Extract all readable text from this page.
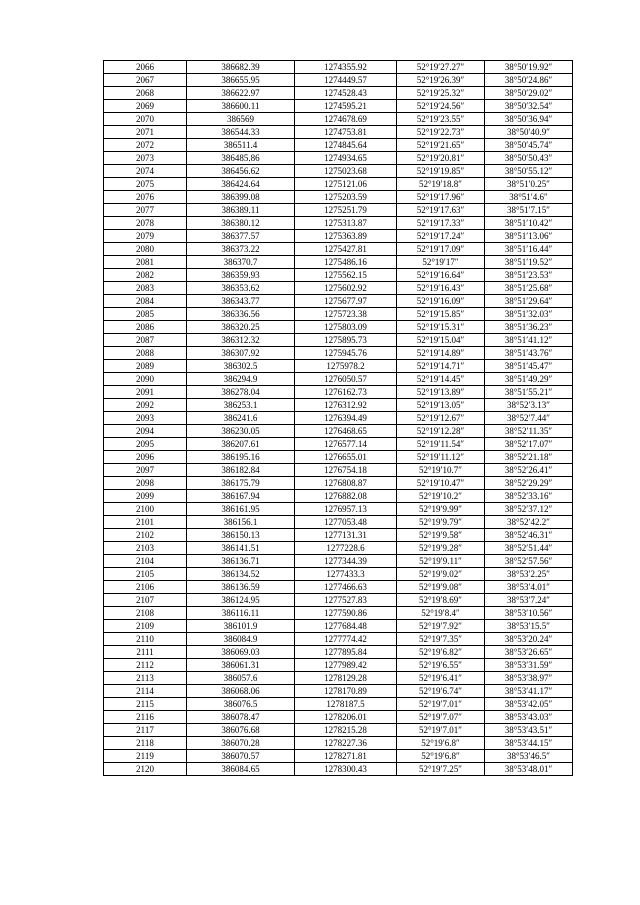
2066	386682.39	1274355.92	52°19′27.27″	38°50′19.92″
2067	386655.95	1274449.57	52°19′26.39″	38°50′24.86″
2068	386622.97	1274528.43	52°19′25.32″	38°50′29.02″
2069	386600.11	1274595.21	52°19′24.56″	38°50′32.54″
2070	386569	1274678.69	52°19′23.55″	38°50′36.94″
2071	386544.33	1274753.81	52°19′22.73″	38°50′40.9″
2072	386511.4	1274845.64	52°19′21.65″	38°50′45.74″
2073	386485.86	1274934.65	52°19′20.81″	38°50′50.43″
2074	386456.62	1275023.68	52°19′19.85″	38°50′55.12″
2075	386424.64	1275121.06	52°19′18.8″	38°51′0.25″
2076	386399.08	1275203.59	52°19′17.96″	38°51′4.6″
2077	386389.11	1275251.79	52°19′17.63″	38°51′7.15″
2078	386380.12	1275313.87	52°19′17.33″	38°51′10.42″
2079	386377.57	1275363.89	52°19′17.24″	38°51′13.06″
2080	386373.22	1275427.81	52°19′17.09″	38°51′16.44″
2081	386370.7	1275486.16	52°19′17″	38°51′19.52″
2082	386359.93	1275562.15	52°19′16.64″	38°51′23.53″
2083	386353.62	1275602.92	52°19′16.43″	38°51′25.68″
2084	386343.77	1275677.97	52°19′16.09″	38°51′29.64″
2085	386336.56	1275723.38	52°19′15.85″	38°51′32.03″
2086	386320.25	1275803.09	52°19′15.31″	38°51′36.23″
2087	386312.32	1275895.73	52°19′15.04″	38°51′41.12″
2088	386307.92	1275945.76	52°19′14.89″	38°51′43.76″
2089	386302.5	1275978.2	52°19′14.71″	38°51′45.47″
2090	386294.9	1276050.57	52°19′14.45″	38°51′49.29″
2091	386278.04	1276162.73	52°19′13.89″	38°51′55.21″
2092	386253.1	1276312.92	52°19′13.05″	38°52′3.13″
2093	386241.6	1276394.49	52°19′12.67″	38°52′7.44″
2094	386230.05	1276468.65	52°19′12.28″	38°52′11.35″
2095	386207.61	1276577.14	52°19′11.54″	38°52′17.07″
2096	386195.16	1276655.01	52°19′11.12″	38°52′21.18″
2097	386182.84	1276754.18	52°19′10.7″	38°52′26.41″
2098	386175.79	1276808.87	52°19′10.47″	38°52′29.29″
2099	386167.94	1276882.08	52°19′10.2″	38°52′33.16″
2100	386161.95	1276957.13	52°19′9.99″	38°52′37.12″
2101	386156.1	1277053.48	52°19′9.79″	38°52′42.2″
2102	386150.13	1277131.31	52°19′9.58″	38°52′46.31″
2103	386141.51	1277228.6	52°19′9.28″	38°52′51.44″
2104	386136.71	1277344.39	52°19′9.11″	38°52′57.56″
2105	386134.52	1277433.3	52°19′9.02″	38°53′2.25″
2106	386136.59	1277466.63	52°19′9.08″	38°53′4.01″
2107	386124.95	1277527.83	52°19′8.69″	38°53′7.24″
2108	386116.11	1277590.86	52°19′8.4″	38°53′10.56″
2109	386101.9	1277684.48	52°19′7.92″	38°53′15.5″
2110	386084.9	1277774.42	52°19′7.35″	38°53′20.24″
2111	386069.03	1277895.84	52°19′6.82″	38°53′26.65″
2112	386061.31	1277989.42	52°19′6.55″	38°53′31.59″
2113	386057.6	1278129.28	52°19′6.41″	38°53′38.97″
2114	386068.06	1278170.89	52°19′6.74″	38°53′41.17″
2115	386076.5	1278187.5	52°19′7.01″	38°53′42.05″
2116	386078.47	1278206.01	52°19′7.07″	38°53′43.03″
2117	386076.68	1278215.28	52°19′7.01″	38°53′43.51″
2118	386070.28	1278227.36	52°19′6.8″	38°53′44.15″
2119	386070.57	1278271.81	52°19′6.8″	38°53′46.5″
2120	386084.65	1278300.43	52°19′7.25″	38°53′48.01″
